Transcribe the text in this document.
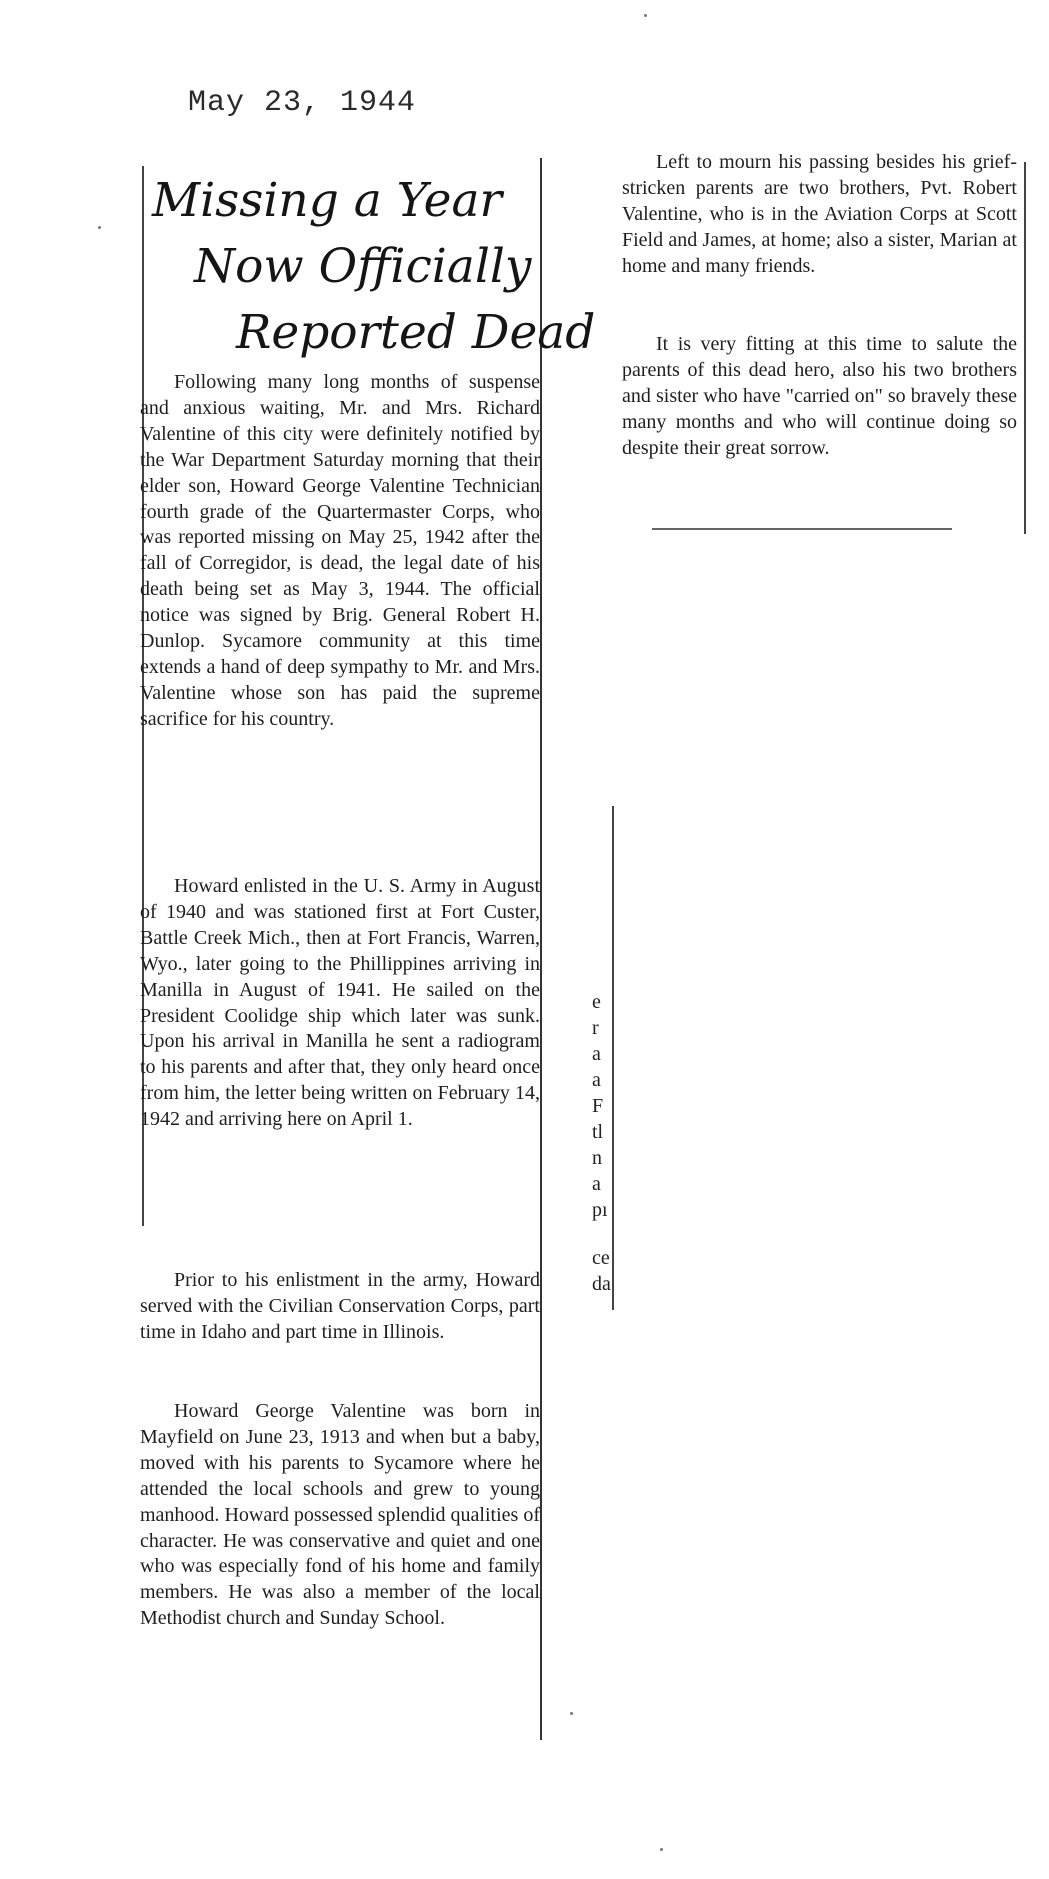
May 23, 1944
Missing a Year
Now Officially
Reported Dead

Following many long months of suspense and anxious waiting, Mr. and Mrs. Richard Valentine of this city were definitely notified by the War Department Saturday morning that their elder son, Howard George Valentine Technician fourth grade of the Quartermaster Corps, who was reported missing on May 25, 1942 after the fall of Corregidor, is dead, the legal date of his death being set as May 3, 1944. The official notice was signed by Brig. General Robert H. Dunlop. Sycamore community at this time extends a hand of deep sympathy to Mr. and Mrs. Valentine whose son has paid the supreme sacrifice for his country.

Howard enlisted in the U. S. Army in August of 1940 and was stationed first at Fort Custer, Battle Creek Mich., then at Fort Francis, Warren, Wyo., later going to the Phillippines arriving in Manilla in August of 1941. He sailed on the President Coolidge ship which later was sunk. Upon his arrival in Manilla he sent a radiogram to his parents and after that, they only heard once from him, the letter being written on February 14, 1942 and arriving here on April 1.

Prior to his enlistment in the army, Howard served with the Civilian Conservation Corps, part time in Idaho and part time in Illinois.

Howard George Valentine was born in Mayfield on June 23, 1913 and when but a baby, moved with his parents to Sycamore where he attended the local schools and grew to young manhood. Howard possessed splendid qualities of character. He was conservative and quiet and one who was especially fond of his home and family members. He was also a member of the local Methodist church and Sunday School.

Left to mourn his passing besides his grief-stricken parents are two brothers, Pvt. Robert Valentine, who is in the Aviation Corps at Scott Field and James, at home; also a sister, Marian at home and many friends.

It is very fitting at this time to salute the parents of this dead hero, also his two brothers and sister who have "carried on" so bravely these many months and who will continue doing so despite their great sorrow.

e
r
a
a
F
tl
n
a
pı
ce
da
